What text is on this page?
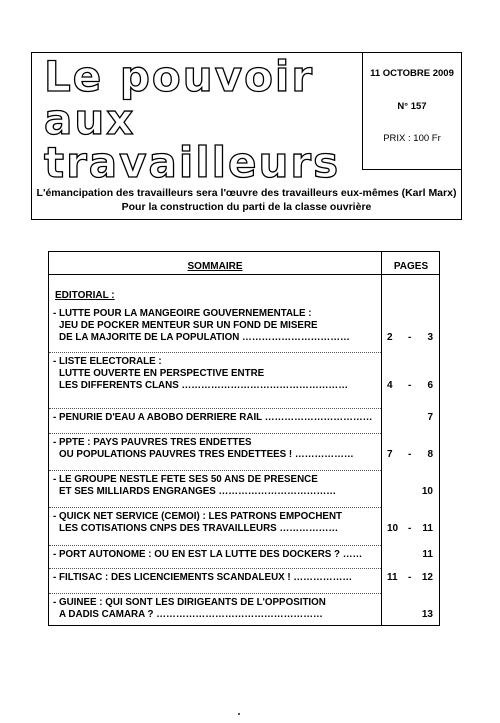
Le pouvoir
aux
travailleurs
11 OCTOBRE 2009
N° 157
PRIX : 100 Fr
L'émancipation des travailleurs sera l'œuvre des travailleurs eux-mêmes (Karl Marx)
Pour la construction du parti de la classe ouvrière
SOMMAIRE	PAGES
EDITORIAL :
- LUTTE POUR LA MANGEOIRE GOUVERNEMENTALE :
JEU DE POCKER MENTEUR SUR UN FOND DE MISERE
DE LA MAJORITE DE LA POPULATION ……………………………	2 - 3
- LISTE ELECTORALE :
LUTTE OUVERTE EN PERSPECTIVE ENTRE
LES DIFFERENTS CLANS ……………………………………………	4 - 6
- PENURIE D'EAU A ABOBO DERRIERE RAIL ……………………………	7
- PPTE : PAYS PAUVRES TRES ENDETTES
OU POPULATIONS PAUVRES TRES ENDETTEES ! ………………	7 - 8
- LE GROUPE NESTLE FETE SES 50 ANS DE PRESENCE
ET SES MILLIARDS ENGRANGES ………………………………	10
- QUICK NET SERVICE (CEMOI) : LES PATRONS EMPOCHENT
LES COTISATIONS CNPS DES TRAVAILLEURS ………………	10 - 11
- PORT AUTONOME : OU EN EST LA LUTTE DES DOCKERS ? ……	11
- FILTISAC : DES LICENCIEMENTS SCANDALEUX ! ………………	11 - 12
- GUINEE : QUI SONT LES DIRIGEANTS DE L'OPPOSITION
A DADIS CAMARA ? ……………………………………………	13
